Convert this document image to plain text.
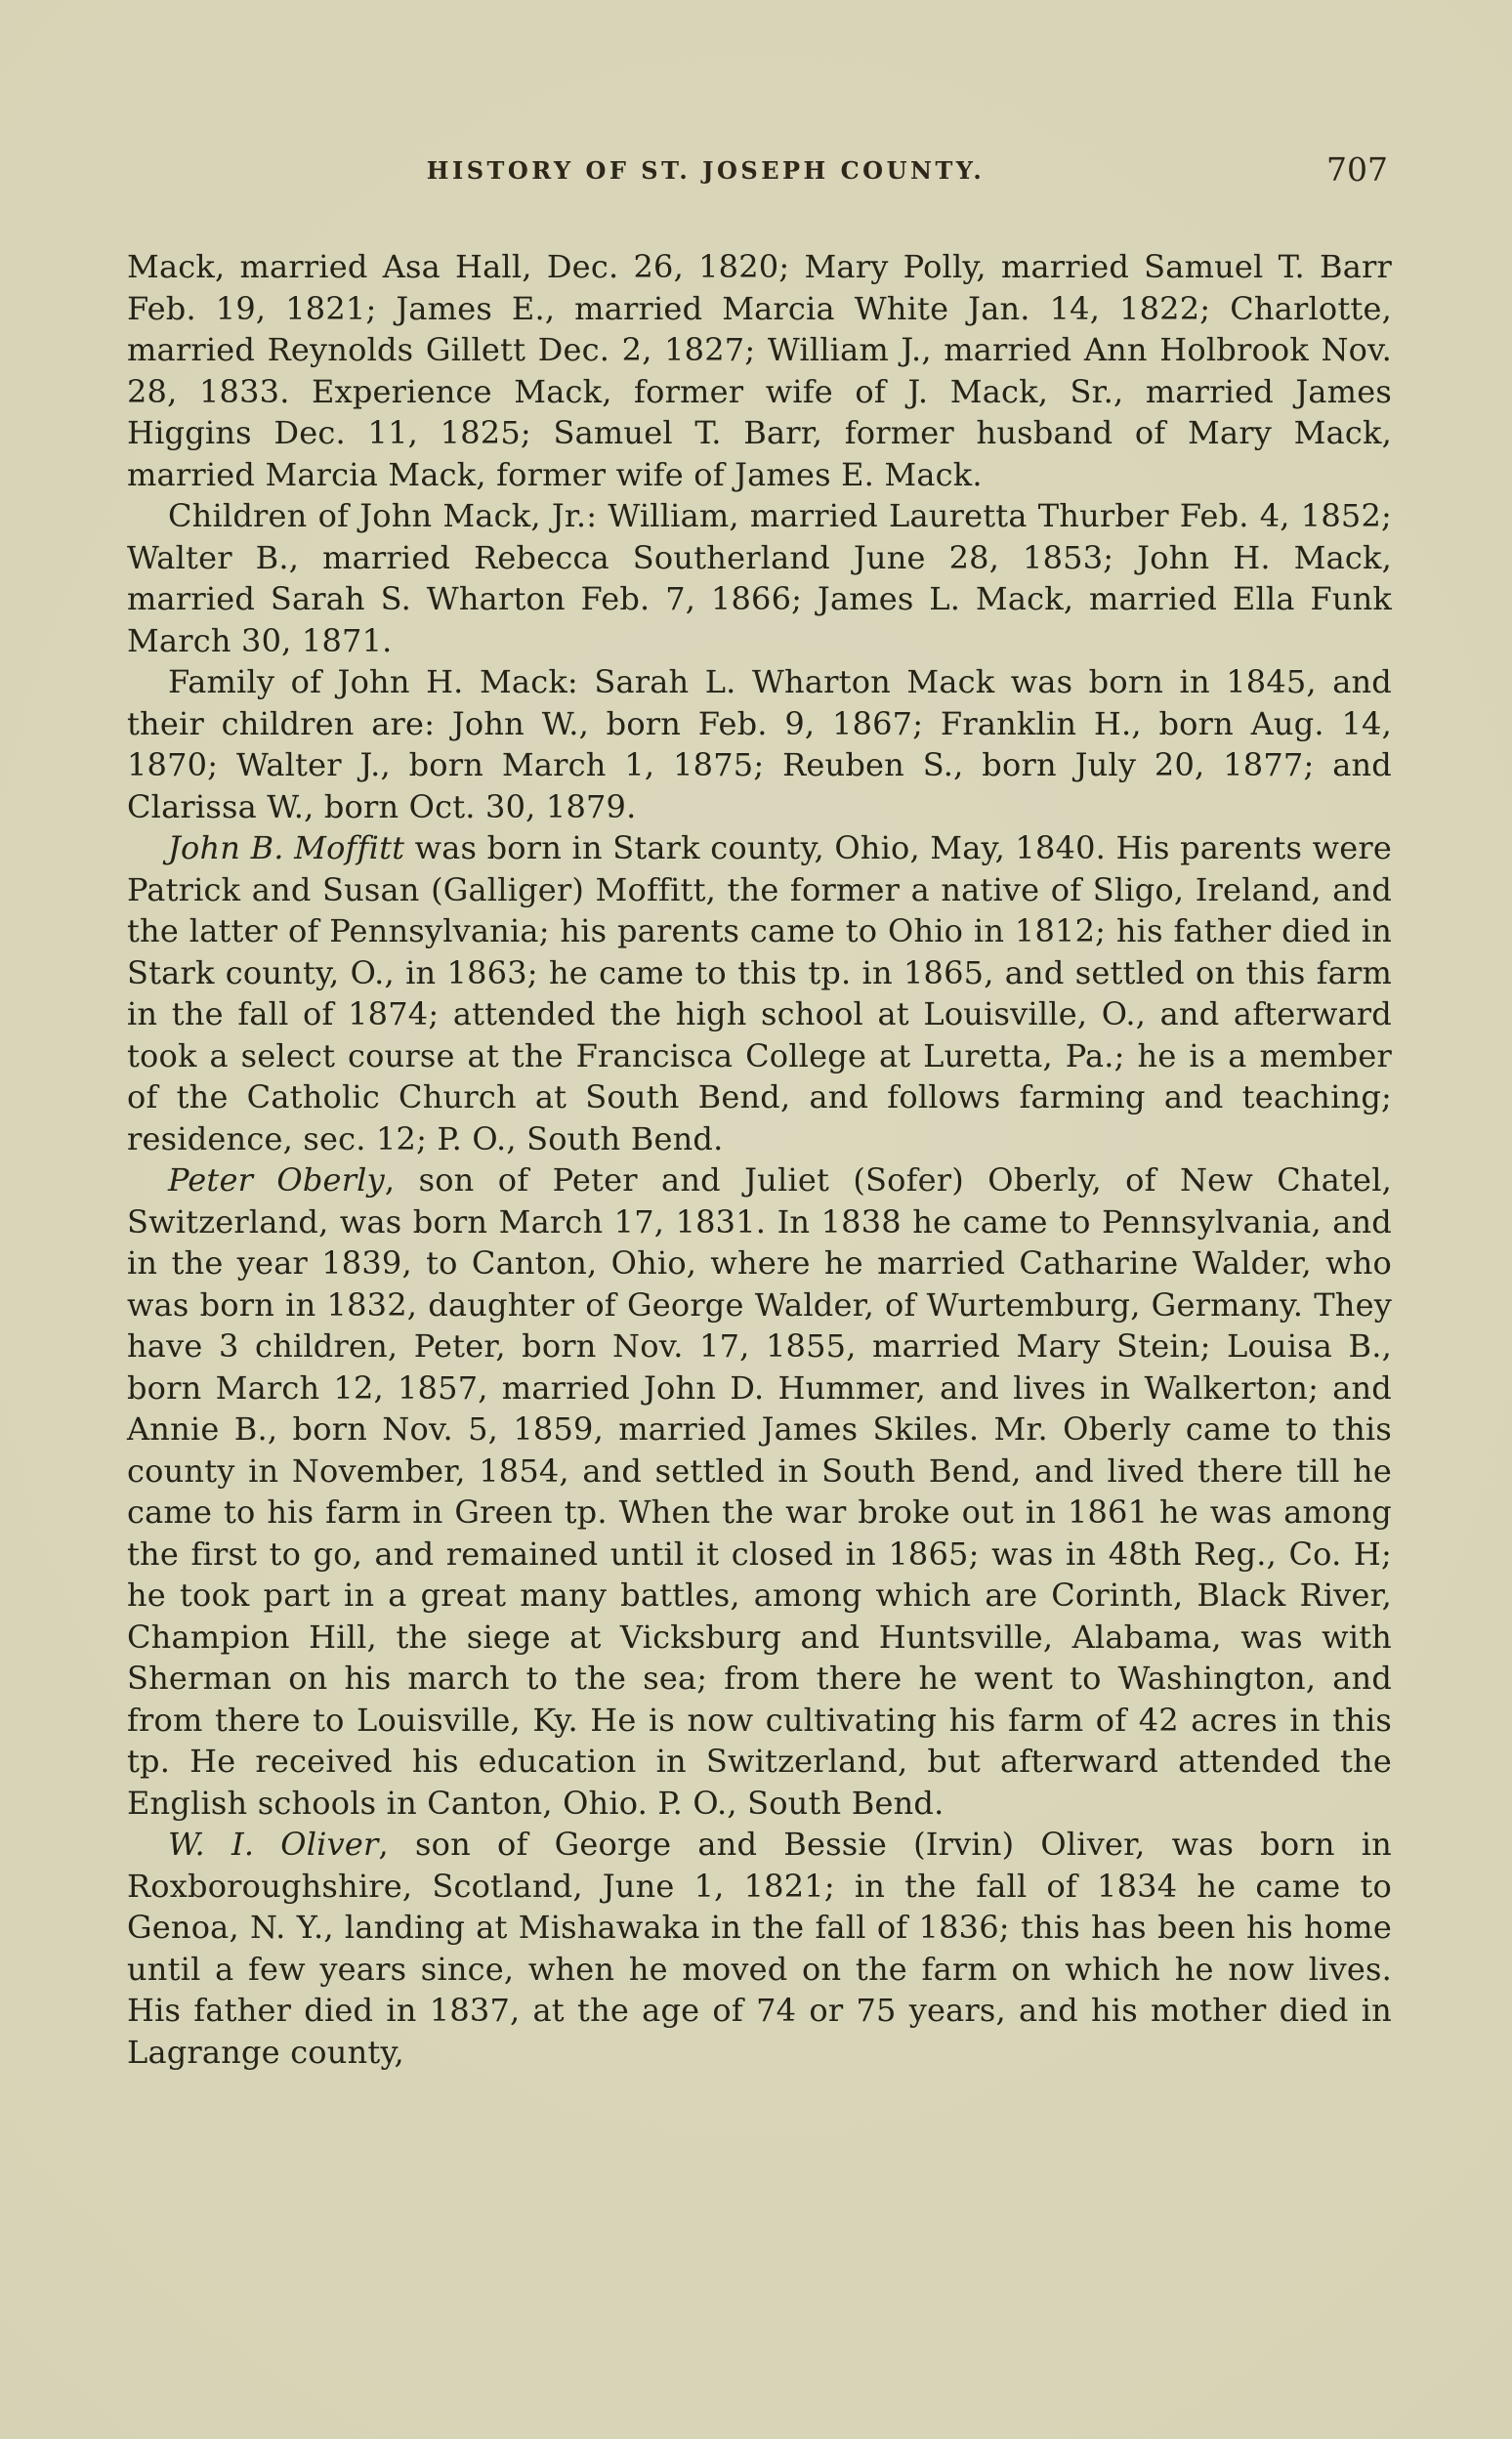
HISTORY OF ST. JOSEPH COUNTY.	707

Mack, married Asa Hall, Dec. 26, 1820; Mary Polly, married Samuel T. Barr Feb. 19, 1821; James E., married Marcia White Jan. 14, 1822; Charlotte, married Reynolds Gillett Dec. 2, 1827; William J., married Ann Holbrook Nov. 28, 1833. Experience Mack, former wife of J. Mack, Sr., married James Higgins Dec. 11, 1825; Samuel T. Barr, former husband of Mary Mack, married Marcia Mack, former wife of James E. Mack.

Children of John Mack, Jr.: William, married Lauretta Thurber Feb. 4, 1852; Walter B., married Rebecca Southerland June 28, 1853; John H. Mack, married Sarah S. Wharton Feb. 7, 1866; James L. Mack, married Ella Funk March 30, 1871.

Family of John H. Mack: Sarah L. Wharton Mack was born in 1845, and their children are: John W., born Feb. 9, 1867; Franklin H., born Aug. 14, 1870; Walter J., born March 1, 1875; Reuben S., born July 20, 1877; and Clarissa W., born Oct. 30, 1879.

John B. Moffitt was born in Stark county, Ohio, May, 1840. His parents were Patrick and Susan (Galliger) Moffitt, the former a native of Sligo, Ireland, and the latter of Pennsylvania; his parents came to Ohio in 1812; his father died in Stark county, O., in 1863; he came to this tp. in 1865, and settled on this farm in the fall of 1874; attended the high school at Louisville, O., and afterward took a select course at the Francisca College at Luretta, Pa.; he is a member of the Catholic Church at South Bend, and follows farming and teaching; residence, sec. 12; P. O., South Bend.

Peter Oberly, son of Peter and Juliet (Sofer) Oberly, of New Chatel, Switzerland, was born March 17, 1831. In 1838 he came to Pennsylvania, and in the year 1839, to Canton, Ohio, where he married Catharine Walder, who was born in 1832, daughter of George Walder, of Wurtemburg, Germany. They have 3 children, Peter, born Nov. 17, 1855, married Mary Stein; Louisa B., born March 12, 1857, married John D. Hummer, and lives in Walkerton; and Annie B., born Nov. 5, 1859, married James Skiles. Mr. Oberly came to this county in November, 1854, and settled in South Bend, and lived there till he came to his farm in Green tp. When the war broke out in 1861 he was among the first to go, and remained until it closed in 1865; was in 48th Reg., Co. H; he took part in a great many battles, among which are Corinth, Black River, Champion Hill, the siege at Vicksburg and Huntsville, Alabama, was with Sherman on his march to the sea; from there he went to Washington, and from there to Louisville, Ky. He is now cultivating his farm of 42 acres in this tp. He received his education in Switzerland, but afterward attended the English schools in Canton, Ohio. P. O., South Bend.

W. I. Oliver, son of George and Bessie (Irvin) Oliver, was born in Roxboroughshire, Scotland, June 1, 1821; in the fall of 1834 he came to Genoa, N. Y., landing at Mishawaka in the fall of 1836; this has been his home until a few years since, when he moved on the farm on which he now lives. His father died in 1837, at the age of 74 or 75 years, and his mother died in Lagrange county,
